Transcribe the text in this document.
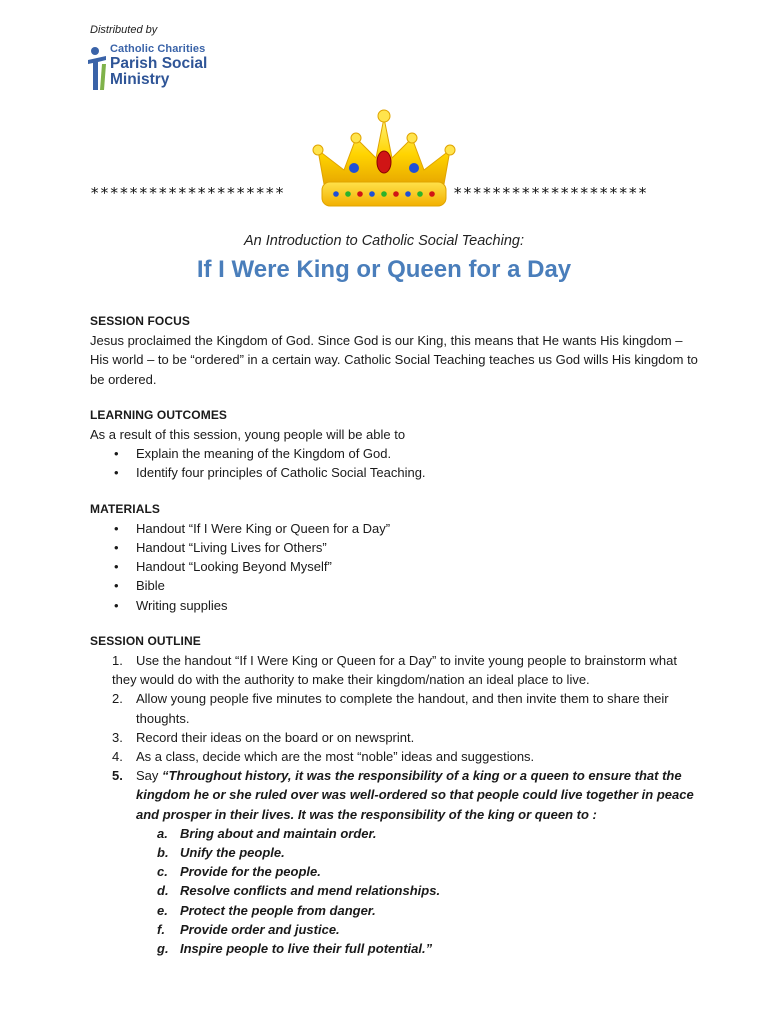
Distributed by
Catholic Charities
Parish Social
Ministry
********************	********************
An Introduction to Catholic Social Teaching:
If I Were King or Queen for a Day
SESSION FOCUS

Jesus proclaimed the Kingdom of God. Since God is our King, this means that He wants His kingdom – His world – to be “ordered” in a certain way. Catholic Social Teaching teaches us God wills His kingdom to be ordered.

LEARNING OUTCOMES

As a result of this session, young people will be able to

• Explain the meaning of the Kingdom of God.
• Identify four principles of Catholic Social Teaching.
MATERIALS
• Handout “If I Were King or Queen for a Day”
• Handout “Living Lives for Others”
• Handout “Looking Beyond Myself”
• Bible
• Writing supplies
SESSION OUTLINE
1. Use the handout “If I Were King or Queen for a Day” to invite young people to brainstorm what they would do with the authority to make their kingdom/nation an ideal place to live.
2. Allow young people five minutes to complete the handout, and then invite them to share their thoughts.
3. Record their ideas on the board or on newsprint.
4. As a class, decide which are the most “noble” ideas and suggestions.
5. Say “Throughout history, it was the responsibility of a king or a queen to ensure that the kingdom he or she ruled over was well-ordered so that people could live together in peace and prosper in their lives. It was the responsibility of the king or queen to :
a. Bring about and maintain order.
b. Unify the people.
c. Provide for the people.
d. Resolve conflicts and mend relationships.
e. Protect the people from danger.
f. Provide order and justice.
g. Inspire people to live their full potential.”
